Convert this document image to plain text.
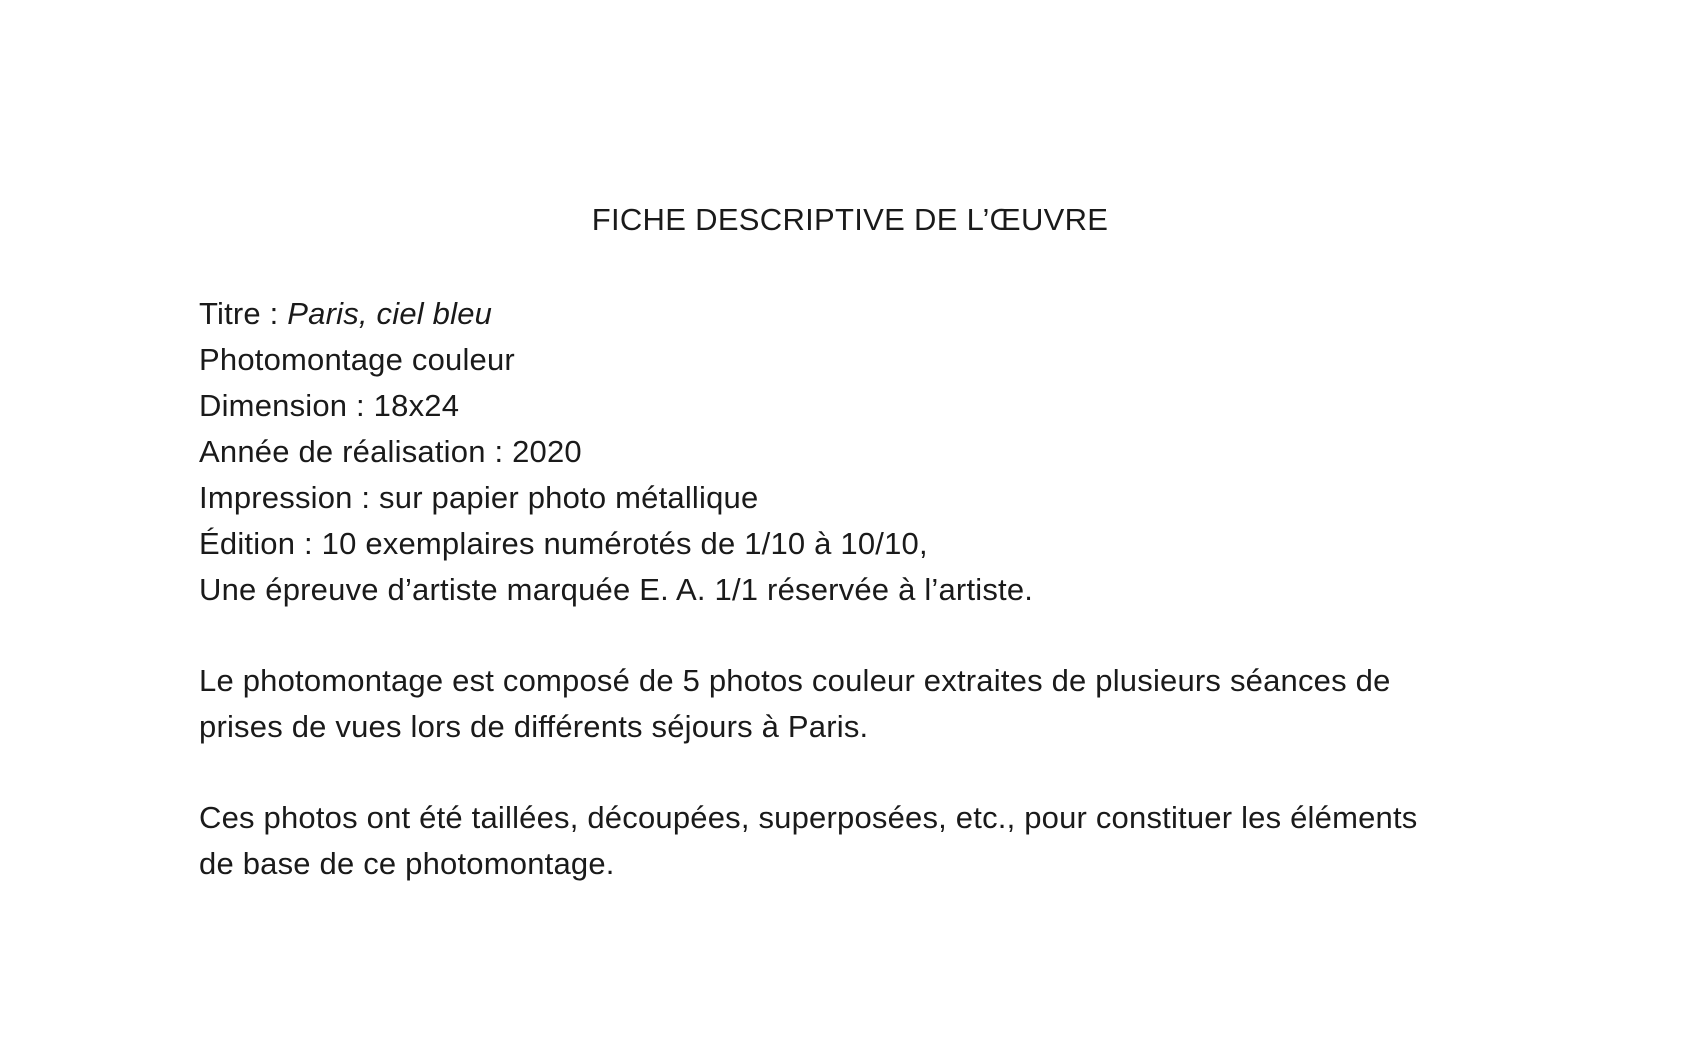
FICHE DESCRIPTIVE DE L’ŒUVRE
Titre : Paris, ciel bleu
Photomontage couleur
Dimension : 18x24
Année de réalisation : 2020
Impression : sur papier photo métallique
Édition : 10 exemplaires numérotés de 1/10 à 10/10,
Une épreuve d’artiste marquée E. A. 1/1 réservée à l’artiste.
Le photomontage est composé de 5 photos couleur extraites de plusieurs séances de
prises de vues lors de différents séjours à Paris.
Ces photos ont été taillées, découpées, superposées, etc., pour constituer les éléments
de base de ce photomontage.
